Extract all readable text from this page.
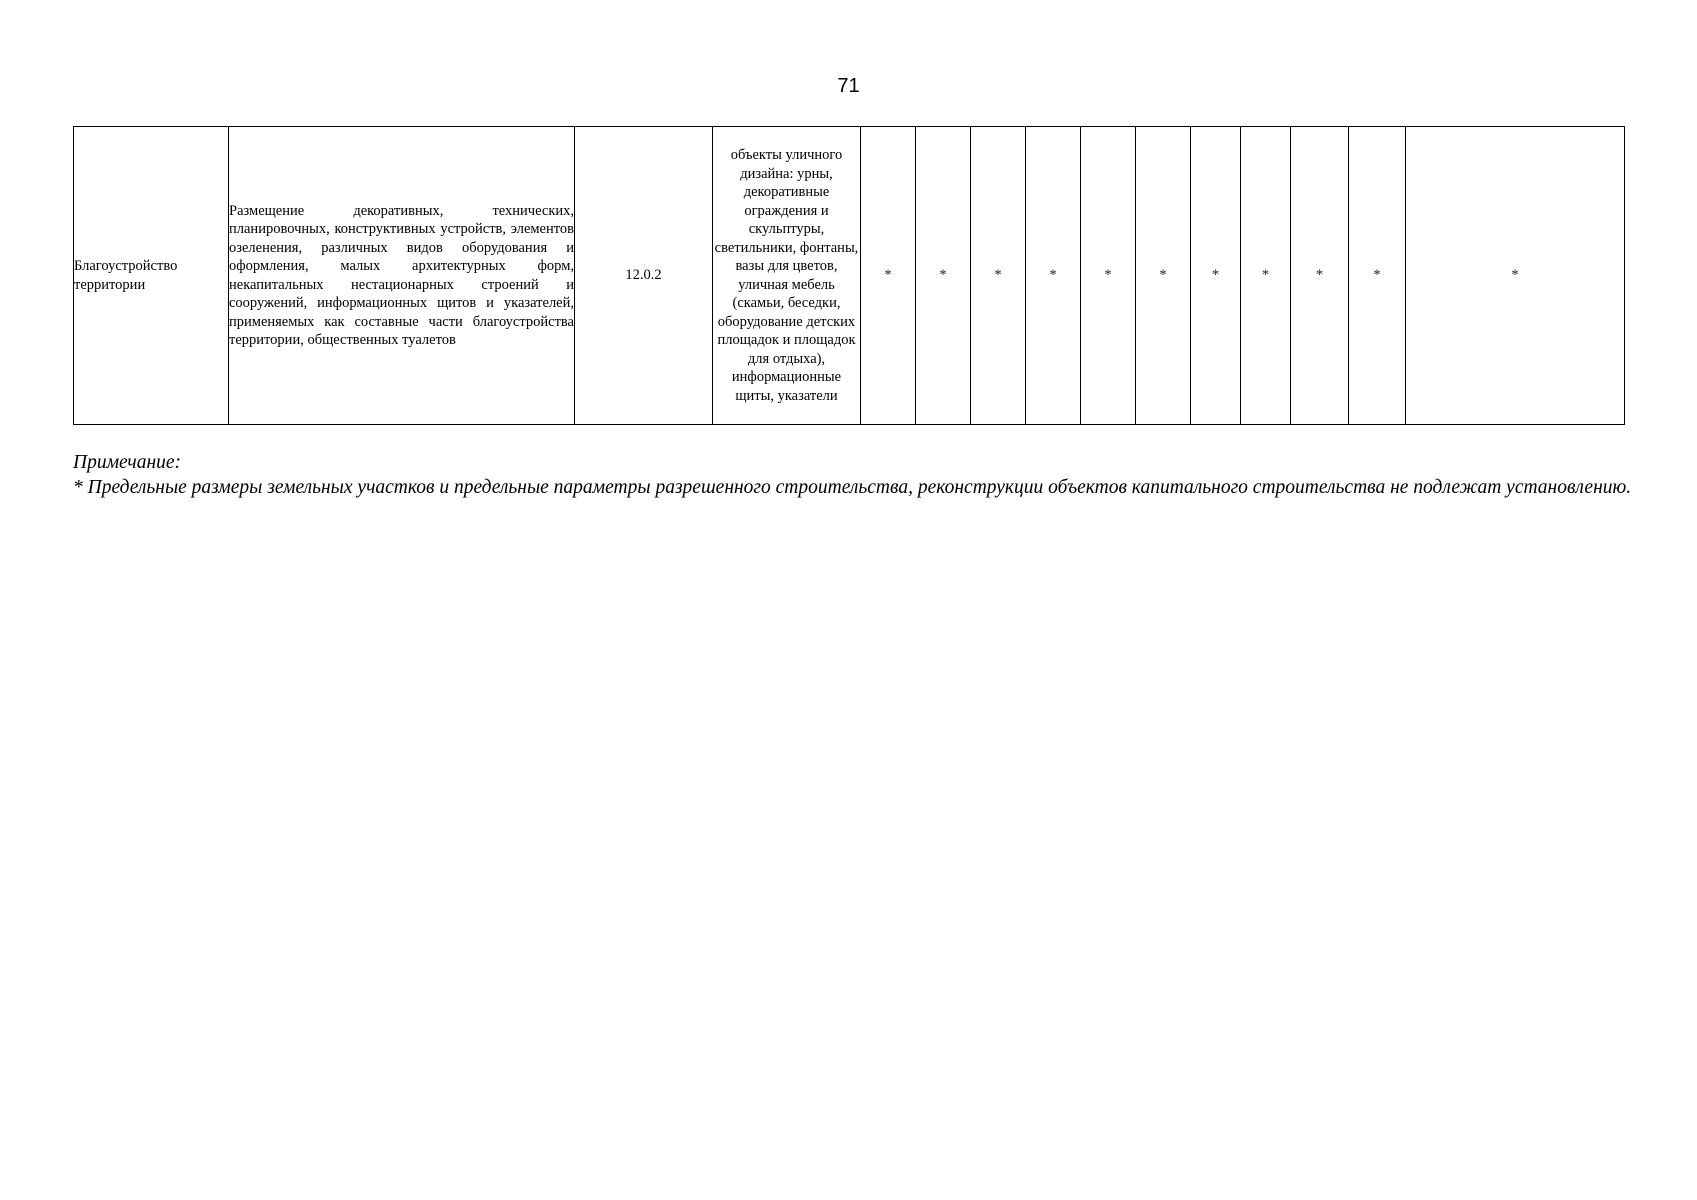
71
Благоустройство территории	Размещение декоративных, технических, планировочных, конструктивных устройств, элементов озеленения, различных видов оборудования и оформления, малых архитектурных форм, некапитальных нестационарных строений и сооружений, информационных щитов и указателей, применяемых как составные части благоустройства территории, общественных туалетов	12.0.2	объекты уличного дизайна: урны, декоративные ограждения и скульптуры, светильники, фонтаны, вазы для цветов, уличная мебель (скамьи, беседки, оборудование детских площадок и площадок для отдыха), информационные щиты, указатели	*	*	*	*	*	*	*	*	*	*	*

Примечание:

* Предельные размеры земельных участков и предельные параметры разрешенного строительства, реконструкции объектов капитального строительства не подлежат установлению.
